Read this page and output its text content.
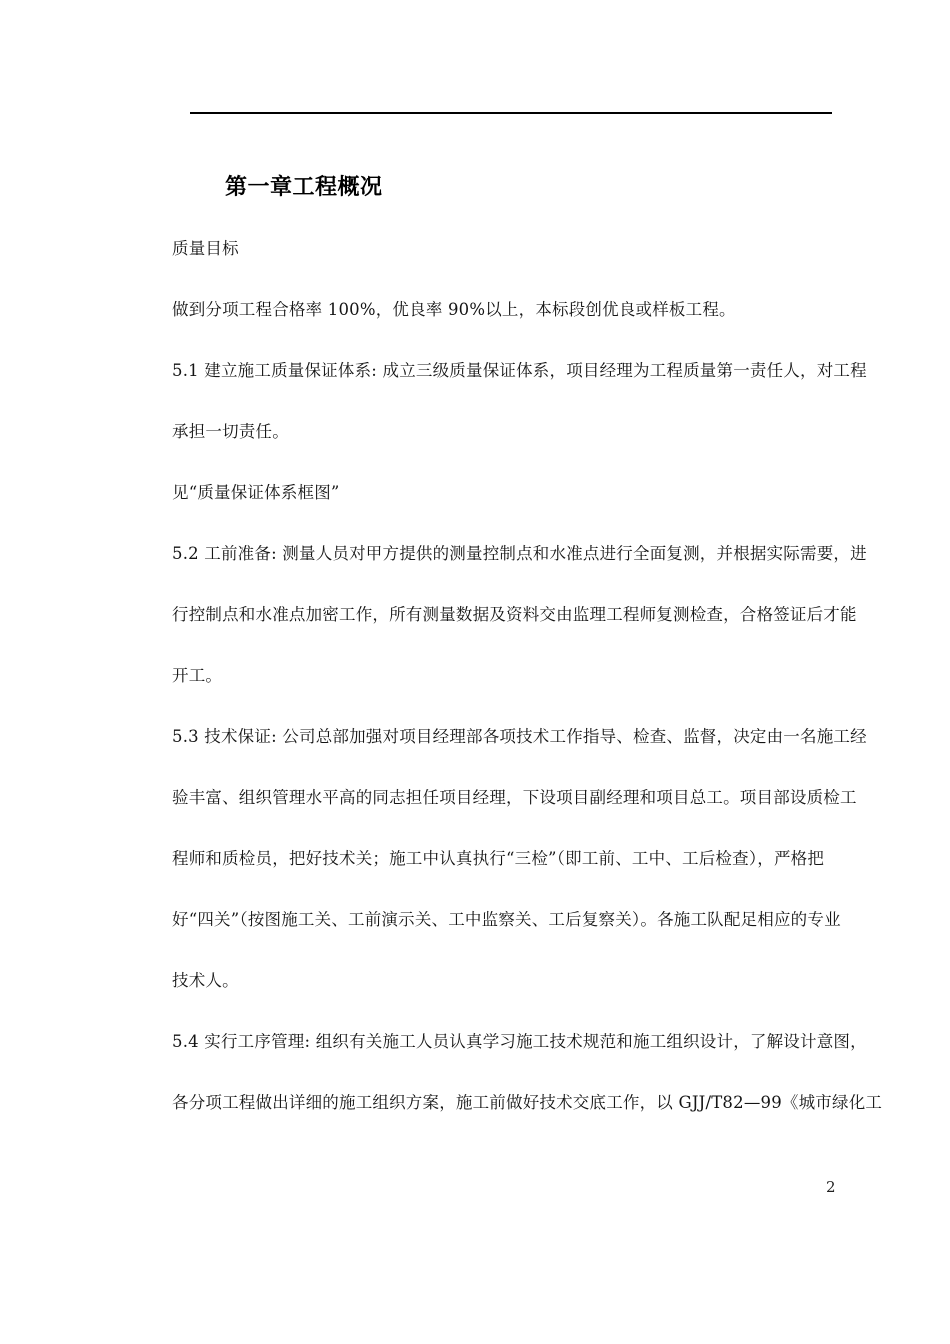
第一章工程概况
质量目标
做到分项工程合格率 100%，优良率 90%以上，本标段创优良或样板工程。
5.1 建立施工质量保证体系: 成立三级质量保证体系，项目经理为工程质量第一责任人，对工程
承担一切责任。
见“质量保证体系框图”
5.2 工前准备: 测量人员对甲方提供的测量控制点和水准点进行全面复测，并根据实际需要，进
行控制点和水准点加密工作，所有测量数据及资料交由监理工程师复测检查，合格签证后才能
开工。
5.3 技术保证: 公司总部加强对项目经理部各项技术工作指导、检查、监督，决定由一名施工经
验丰富、组织管理水平高的同志担任项目经理，下设项目副经理和项目总工。项目部设质检工
程师和质检员，把好技术关；施工中认真执行“三检”（即工前、工中、工后检查），严格把
好“四关”（按图施工关、工前演示关、工中监察关、工后复察关）。各施工队配足相应的专业
技术人。
5.4 实行工序管理: 组织有关施工人员认真学习施工技术规范和施工组织设计，了解设计意图，
各分项工程做出详细的施工组织方案，施工前做好技术交底工作，以 GJJ/T82—99《城市绿化工
2
